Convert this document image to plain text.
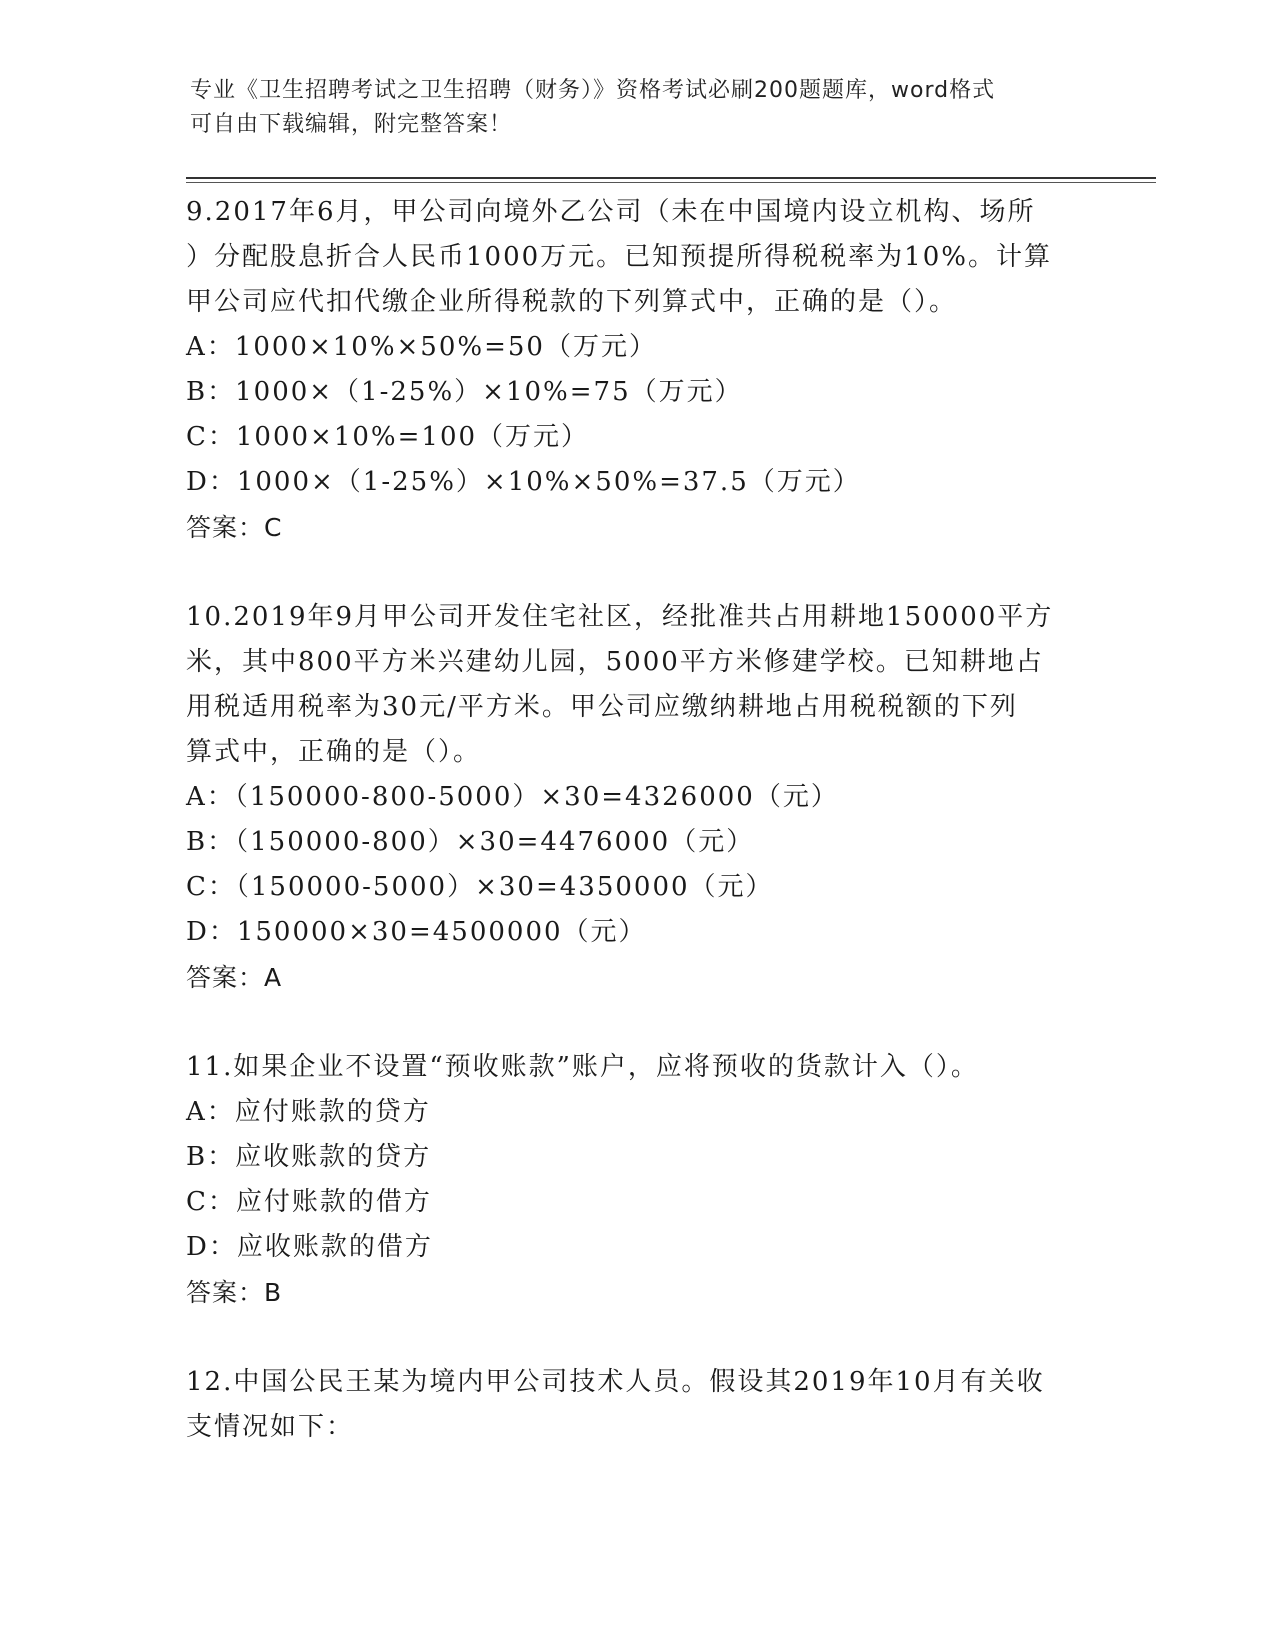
专业《卫生招聘考试之卫生招聘（财务）》资格考试必刷200题题库，word格式
可自由下载编辑，附完整答案！

9.2017年6月，甲公司向境外乙公司（未在中国境内设立机构、场所

）分配股息折合人民币1000万元。已知预提所得税税率为10%。计算

甲公司应代扣代缴企业所得税款的下列算式中，正确的是（）。

A：1000×10%×50%=50（万元）

B：1000×（1-25%）×10%=75（万元）

C：1000×10%=100（万元）

D：1000×（1-25%）×10%×50%=37.5（万元）

答案：C

10.2019年9月甲公司开发住宅社区，经批准共占用耕地150000平方

米，其中800平方米兴建幼儿园，5000平方米修建学校。已知耕地占

用税适用税率为30元/平方米。甲公司应缴纳耕地占用税税额的下列

算式中，正确的是（）。

A：（150000-800-5000）×30=4326000（元）

B：（150000-800）×30=4476000（元）

C：（150000-5000）×30=4350000（元）

D：150000×30=4500000（元）

答案：A

11.如果企业不设置“预收账款”账户，应将预收的货款计入（）。

A：应付账款的贷方

B：应收账款的贷方

C：应付账款的借方

D：应收账款的借方

答案：B

12.中国公民王某为境内甲公司技术人员。假设其2019年10月有关收

支情况如下：
